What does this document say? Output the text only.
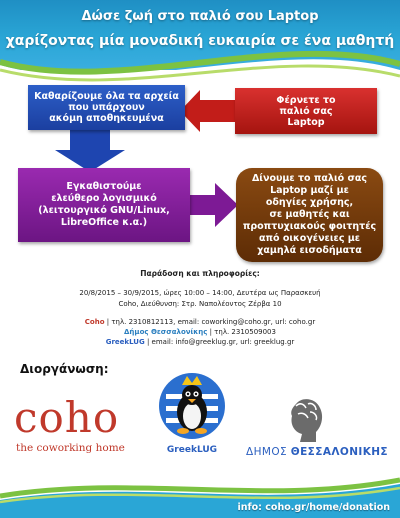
Δώσε ζωή στο παλιό σου Laptop
χαρίζοντας μία μοναδική ευκαιρία σε ένα μαθητή
Καθαρίζουμε όλα τα αρχεία
που υπάρχουν
ακόμη αποθηκευμένα
Φέρνετε το
παλιό σας
Laptop
Εγκαθιστούμε
ελεύθερο λογισμικό
(λειτουργικό GNU/Linux,
LibreOffice κ.α.)
Δίνουμε το παλιό σας
Laptop μαζί με
οδηγίες χρήσης,
σε μαθητές και
προπτυχιακούς φοιτητές
από οικογένειες με
χαμηλά εισοδήματα
Παράδοση και πληροφορίες:
20/8/2015 – 30/9/2015, ώρες 10:00 – 14:00, Δευτέρα ως Παρασκευή
Coho, Διεύθυνση: Στρ. Ναπολέοντος Ζέρβα 10
Coho | τηλ. 2310812113, email: coworking@coho.gr, url: coho.gr
Δήμος Θεσσαλονίκης | τηλ. 2310509003
GreekLUG | email: info@greeklug.gr, url: greeklug.gr
Διοργάνωση:
coho
the coworking home	GreekLUG	ΔΗΜΟΣ ΘΕΣΣΑΛΟΝΙΚΗΣ
info: coho.gr/home/donation
